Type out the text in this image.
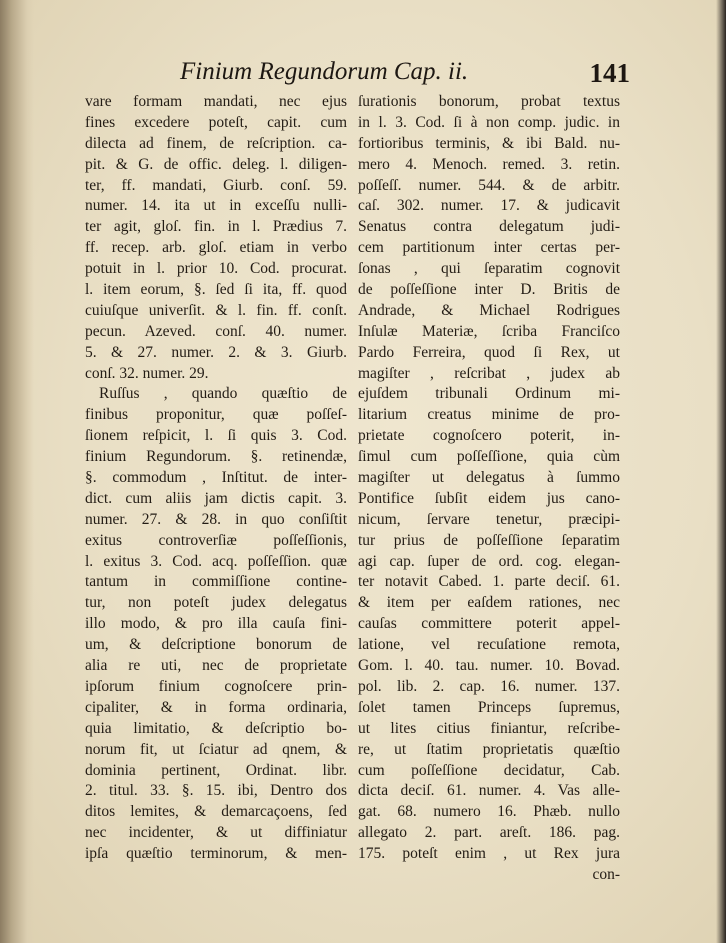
Finium Regundorum Cap. ii.	141
vare formam mandati, nec ejus
fines excedere poteſt, capit. cum
dilecta ad finem, de reſcription. ca-
pit. & G. de offic. deleg. l. diligen-
ter, ff. mandati, Giurb. conſ. 59.
numer. 14. ita ut in exceſſu nulli-
ter agit, gloſ. fin. in l. Prædius 7.
ff. recep. arb. gloſ. etiam in verbo
potuit in l. prior 10. Cod. procurat.
l. item eorum, §. ſed ſi ita, ff. quod
cuiuſque univerſit. & l. fin. ff. conſt.
pecun. Azeved. conſ. 40. numer.
5. & 27. numer. 2. & 3. Giurb.
conſ. 32. numer. 29.
Ruſſus , quando quæſtio de
finibus proponitur, quæ poſſeſ-
ſionem reſpicit, l. ſi quis 3. Cod.
finium Regundorum. §. retinendæ,
§. commodum , Inſtitut. de inter-
dict. cum aliis jam dictis capit. 3.
numer. 27. & 28. in quo conſiſtit
exitus controverſiæ poſſeſſionis,
l. exitus 3. Cod. acq. poſſeſſion. quæ
tantum in commiſſione contine-
tur, non poteſt judex delegatus
illo modo, & pro illa cauſa fini-
um, & deſcriptione bonorum de
alia re uti, nec de proprietate
ipſorum finium cognoſcere prin-
cipaliter, & in forma ordinaria,
quia limitatio, & deſcriptio bo-
norum fit, ut ſciatur ad qnem, &
dominia pertinent, Ordinat. libr.
2. titul. 33. §. 15. ibi, Dentro dos
ditos lemites, & demarcaçoens, ſed
nec incidenter, & ut diffiniatur
ipſa quæſtio terminorum, & men-
ſurationis bonorum, probat textus
in l. 3. Cod. ſi à non comp. judic. in
fortioribus terminis, & ibi Bald. nu-
mero 4. Menoch. remed. 3. retin.
poſſeſſ. numer. 544. & de arbitr.
caſ. 302. numer. 17. & judicavit
Senatus contra delegatum judi-
cem partitionum inter certas per-
ſonas , qui ſeparatim cognovit
de poſſeſſione inter D. Britis de
Andrade, & Michael Rodrigues
Inſulæ Materiæ, ſcriba Franciſco
Pardo Ferreira, quod ſi Rex, ut
magiſter , reſcribat , judex ab
ejuſdem tribunali Ordinum mi-
litarium creatus minime de pro-
prietate cognoſcero poterit, in-
ſimul cum poſſeſſione, quia cùm
magiſter ut delegatus à ſummo
Pontifice ſubſit eidem jus cano-
nicum, ſervare tenetur, præcipi-
tur prius de poſſeſſione ſeparatim
agi cap. ſuper de ord. cog. elegan-
ter notavit Cabed. 1. parte deciſ. 61.
& item per eaſdem rationes, nec
cauſas committere poterit appel-
latione, vel recuſatione remota,
Gom. l. 40. tau. numer. 10. Bovad.
pol. lib. 2. cap. 16. numer. 137.
ſolet tamen Princeps ſupremus,
ut lites citius finiantur, reſcribe-
re, ut ſtatim proprietatis quæſtio
cum poſſeſſione decidatur, Cab.
dicta deciſ. 61. numer. 4. Vas alle-
gat. 68. numero 16. Phæb. nullo
allegato 2. part. areſt. 186. pag.
175. poteſt enim , ut Rex jura
con-
